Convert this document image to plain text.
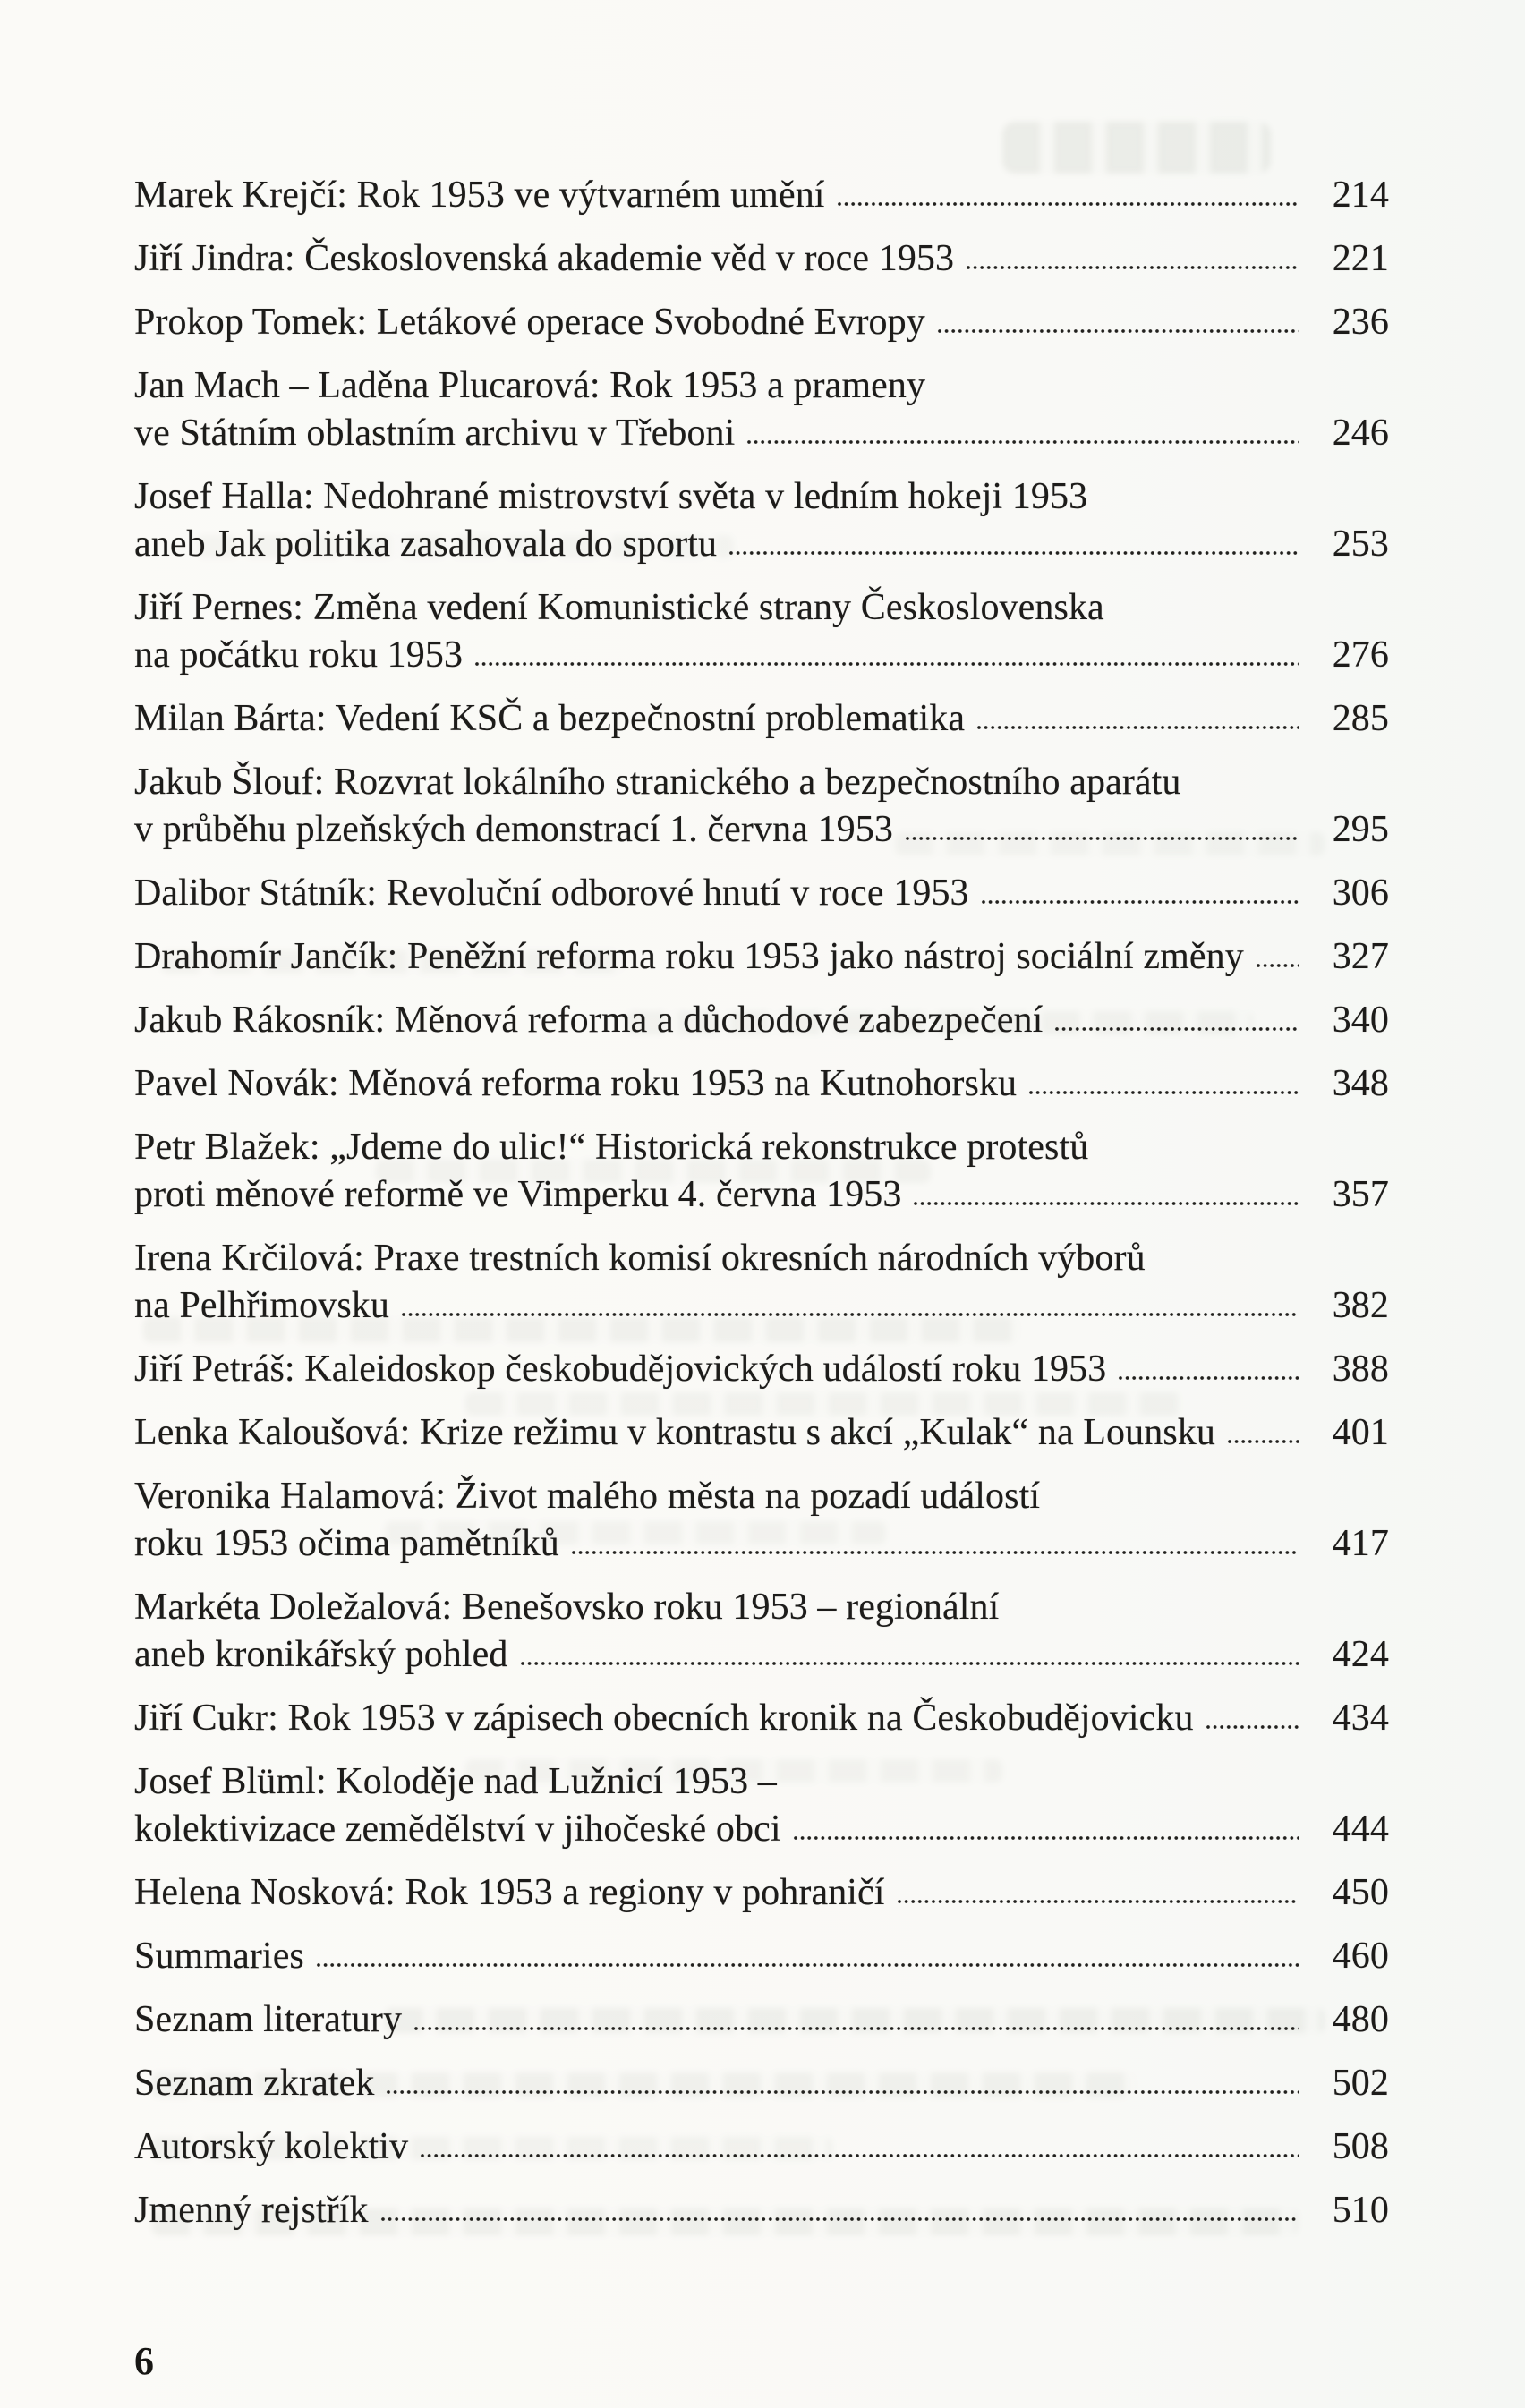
Marek Krejčí: Rok 1953 ve výtvarném umění	214
Jiří Jindra: Československá akademie věd v roce 1953	221
Prokop Tomek: Letákové operace Svobodné Evropy	236
Jan Mach – Laděna Plucarová: Rok 1953 a prameny
ve Státním oblastním archivu v Třeboni	246
Josef Halla: Nedohrané mistrovství světa v ledním hokeji 1953
aneb Jak politika zasahovala do sportu	253
Jiří Pernes: Změna vedení Komunistické strany Československa
na počátku roku 1953	276
Milan Bárta: Vedení KSČ a bezpečnostní problematika	285
Jakub Šlouf: Rozvrat lokálního stranického a bezpečnostního aparátu
v průběhu plzeňských demonstrací 1. června 1953	295
Dalibor Státník: Revoluční odborové hnutí v roce 1953	306
Drahomír Jančík: Peněžní reforma roku 1953 jako nástroj sociální změny	327
Jakub Rákosník: Měnová reforma a důchodové zabezpečení	340
Pavel Novák: Měnová reforma roku 1953 na Kutnohorsku	348
Petr Blažek: „Jdeme do ulic!“ Historická rekonstrukce protestů
proti měnové reformě ve Vimperku 4. června 1953	357
Irena Krčilová: Praxe trestních komisí okresních národních výborů
na Pelhřimovsku	382
Jiří Petráš: Kaleidoskop českobudějovických událostí roku 1953	388
Lenka Kaloušová: Krize režimu v kontrastu s akcí „Kulak“ na Lounsku	401
Veronika Halamová: Život malého města na pozadí událostí
roku 1953 očima pamětníků	417
Markéta Doležalová: Benešovsko roku 1953 – regionální
aneb kronikářský pohled	424
Jiří Cukr: Rok 1953 v zápisech obecních kronik na Českobudějovicku	434
Josef Blüml: Koloděje nad Lužnicí 1953 –
kolektivizace zemědělství v jihočeské obci	444
Helena Nosková: Rok 1953 a regiony v pohraničí	450
Summaries	460
Seznam literatury	480
Seznam zkratek	502
Autorský kolektiv	508
Jmenný rejstřík	510
6
